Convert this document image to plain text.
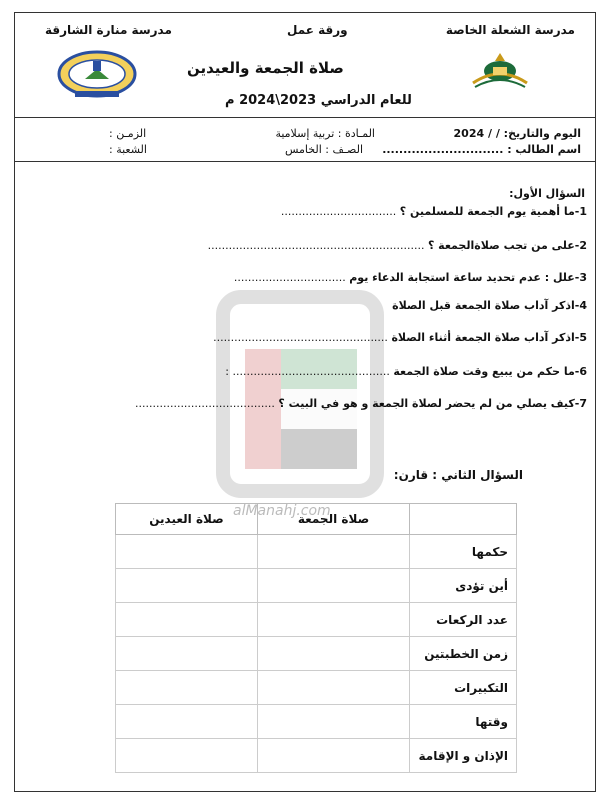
مدرسة الشعلة الخاصة
ورقة عمل
مدرسة منارة الشارقة
صلاة الجمعة والعيدين
للعام الدراسي 2023\2024 م
اليوم والتاريخ: / / 2024
اسم الطالب : .............................
المـادة : تربية إسلامية
الصـف : الخامس
الزمـن :
الشعبة :
alManahj.com
السؤال الأول:
1-ما أهمية يوم الجمعة للمسلمين ؟ .................................
2-على من تجب صلاةالجمعة ؟ ..............................................................
3-علل : عدم تحديد ساعة استجابة الدعاء يوم ................................
4-اذكر آداب صلاة الجمعة قبل الصلاة
5-اذكر آداب صلاة الجمعة أثناء الصلاة ..................................................
6-ما حكم من يبيع وقت صلاة الجمعة ............................................. :
7-كيف يصلي من لم يحضر لصلاة الجمعة و هو في البيت ؟ ........................................
السؤال الثاني : قارن:
	صلاة الجمعة	صلاة العيدين
حكمها		
أين تؤدى		
عدد الركعات		
زمن الخطبتين		
التكبيرات		
وقتها		
الإذان و الإقامة		
